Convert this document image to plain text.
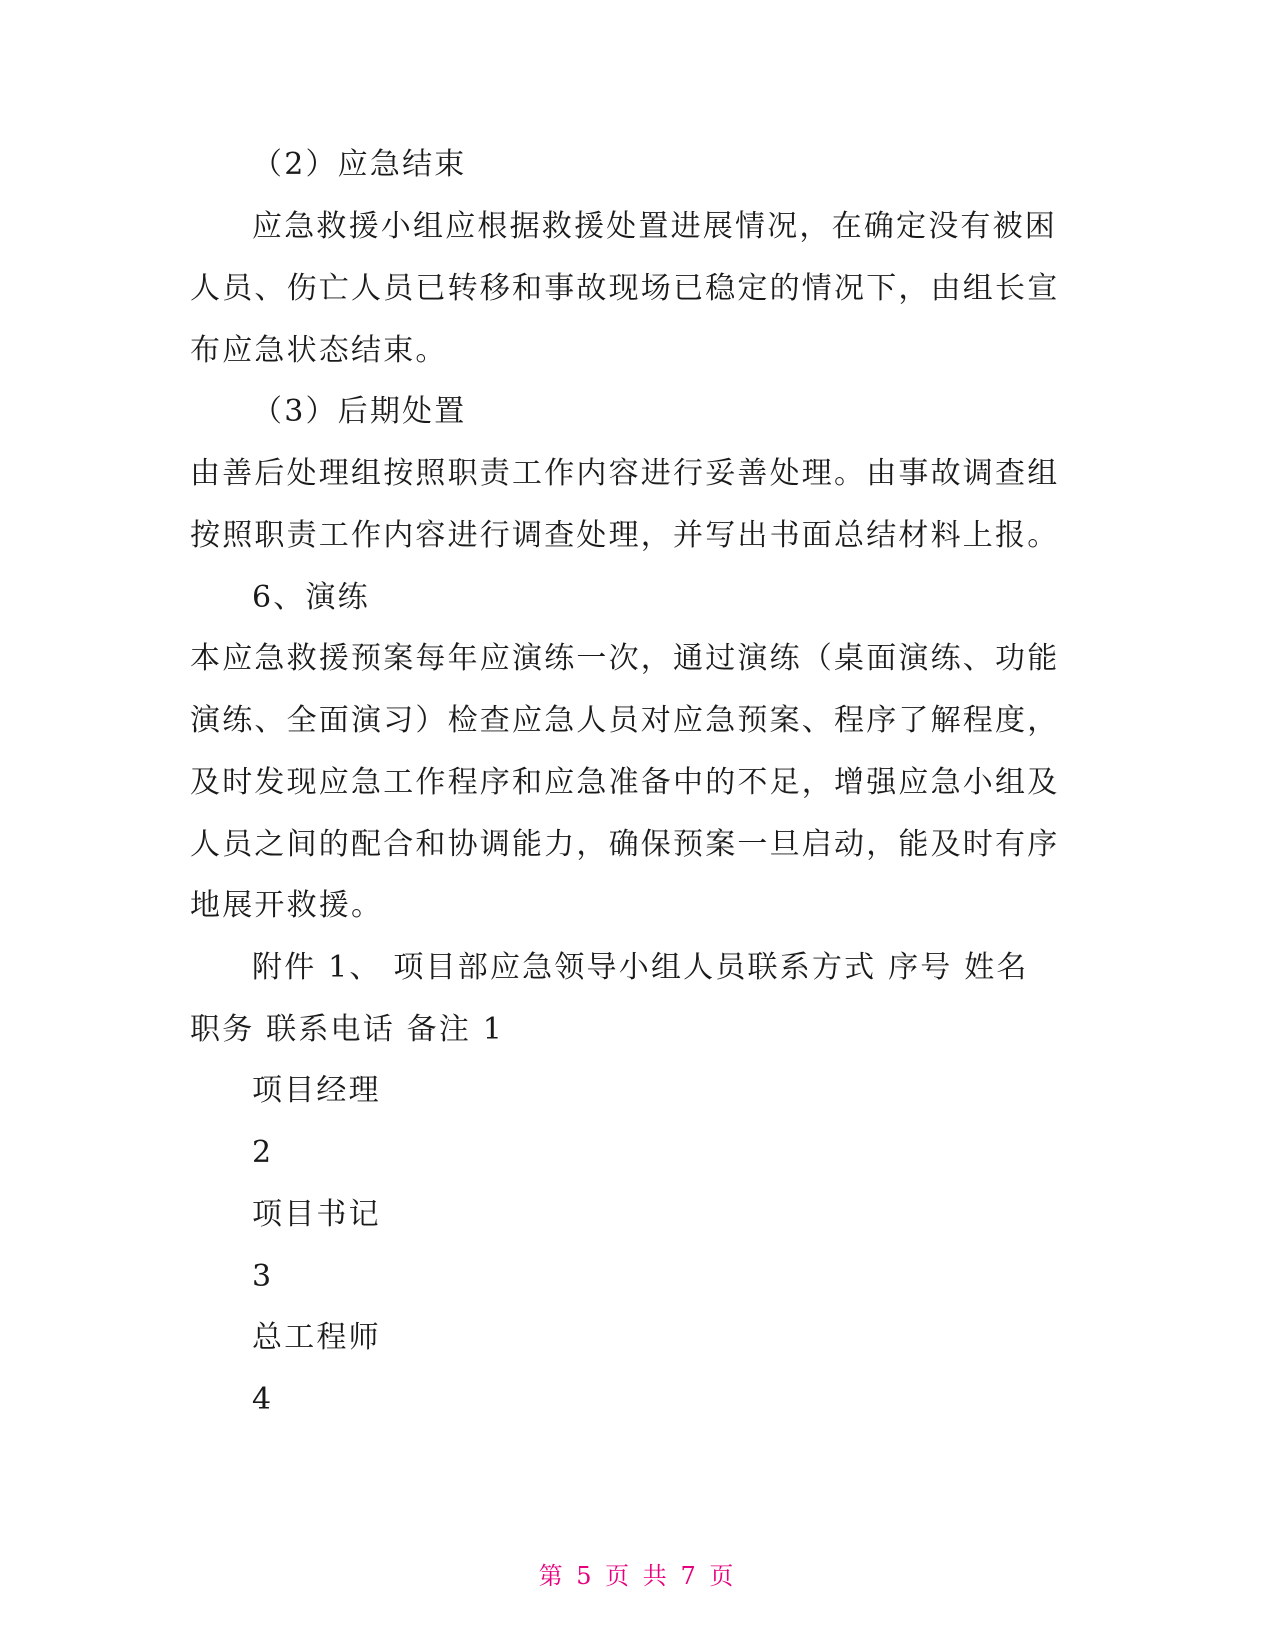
（2）应急结束
应急救援小组应根据救援处置进展情况，在确定没有被困
人员、伤亡人员已转移和事故现场已稳定的情况下，由组长宣
布应急状态结束。
（3）后期处置
由善后处理组按照职责工作内容进行妥善处理。由事故调查组
按照职责工作内容进行调查处理，并写出书面总结材料上报。
6、演练
本应急救援预案每年应演练一次，通过演练（桌面演练、功能
演练、全面演习）检查应急人员对应急预案、程序了解程度，
及时发现应急工作程序和应急准备中的不足，增强应急小组及
人员之间的配合和协调能力，确保预案一旦启动，能及时有序
地展开救援。
附件 1、 项目部应急领导小组人员联系方式 序号 姓名
职务 联系电话 备注 1
项目经理
2
项目书记
3
总工程师
4
第 5 页 共 7 页
